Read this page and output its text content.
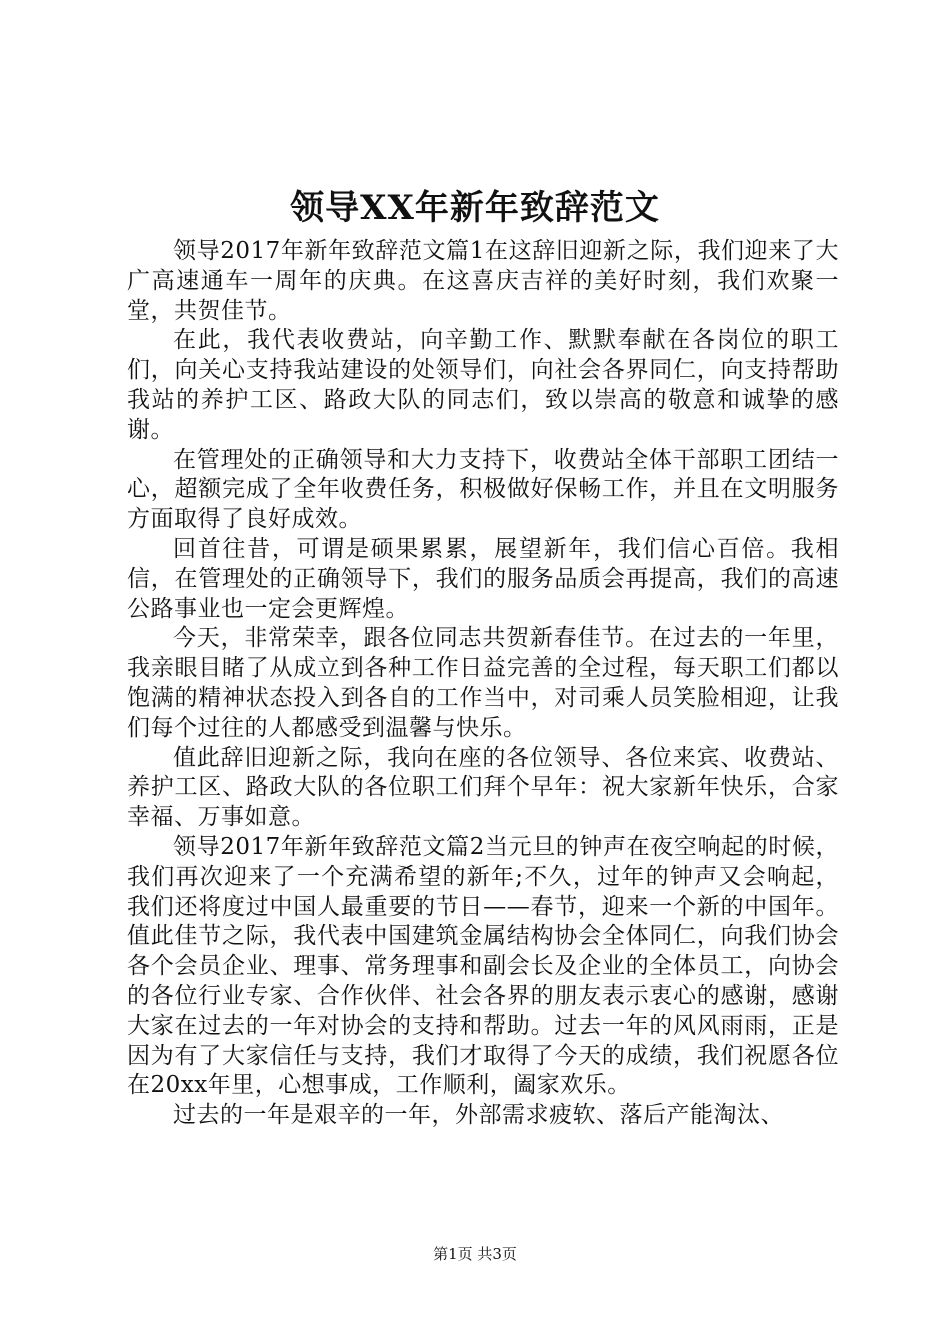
领导XX年新年致辞范文

领导2017年新年致辞范文篇1在这辞旧迎新之际，我们迎来了大广高速通车一周年的庆典。在这喜庆吉祥的美好时刻，我们欢聚一堂，共贺佳节。

在此，我代表收费站，向辛勤工作、默默奉献在各岗位的职工们，向关心支持我站建设的处领导们，向社会各界同仁，向支持帮助我站的养护工区、路政大队的同志们，致以崇高的敬意和诚挚的感谢。

在管理处的正确领导和大力支持下，收费站全体干部职工团结一心，超额完成了全年收费任务，积极做好保畅工作，并且在文明服务方面取得了良好成效。

回首往昔，可谓是硕果累累，展望新年，我们信心百倍。我相信，在管理处的正确领导下，我们的服务品质会再提高，我们的高速公路事业也一定会更辉煌。

今天，非常荣幸，跟各位同志共贺新春佳节。在过去的一年里，我亲眼目睹了从成立到各种工作日益完善的全过程，每天职工们都以饱满的精神状态投入到各自的工作当中，对司乘人员笑脸相迎，让我们每个过往的人都感受到温馨与快乐。

值此辞旧迎新之际，我向在座的各位领导、各位来宾、收费站、养护工区、路政大队的各位职工们拜个早年：祝大家新年快乐，合家幸福、万事如意。

领导2017年新年致辞范文篇2当元旦的钟声在夜空响起的时候，我们再次迎来了一个充满希望的新年;不久，过年的钟声又会响起，我们还将度过中国人最重要的节日——春节，迎来一个新的中国年。值此佳节之际，我代表中国建筑金属结构协会全体同仁，向我们协会各个会员企业、理事、常务理事和副会长及企业的全体员工，向协会的各位行业专家、合作伙伴、社会各界的朋友表示衷心的感谢，感谢大家在过去的一年对协会的支持和帮助。过去一年的风风雨雨，正是因为有了大家信任与支持，我们才取得了今天的成绩，我们祝愿各位在20xx年里，心想事成，工作顺利，阖家欢乐。

过去的一年是艰辛的一年，外部需求疲软、落后产能淘汰、

第1页 共3页
